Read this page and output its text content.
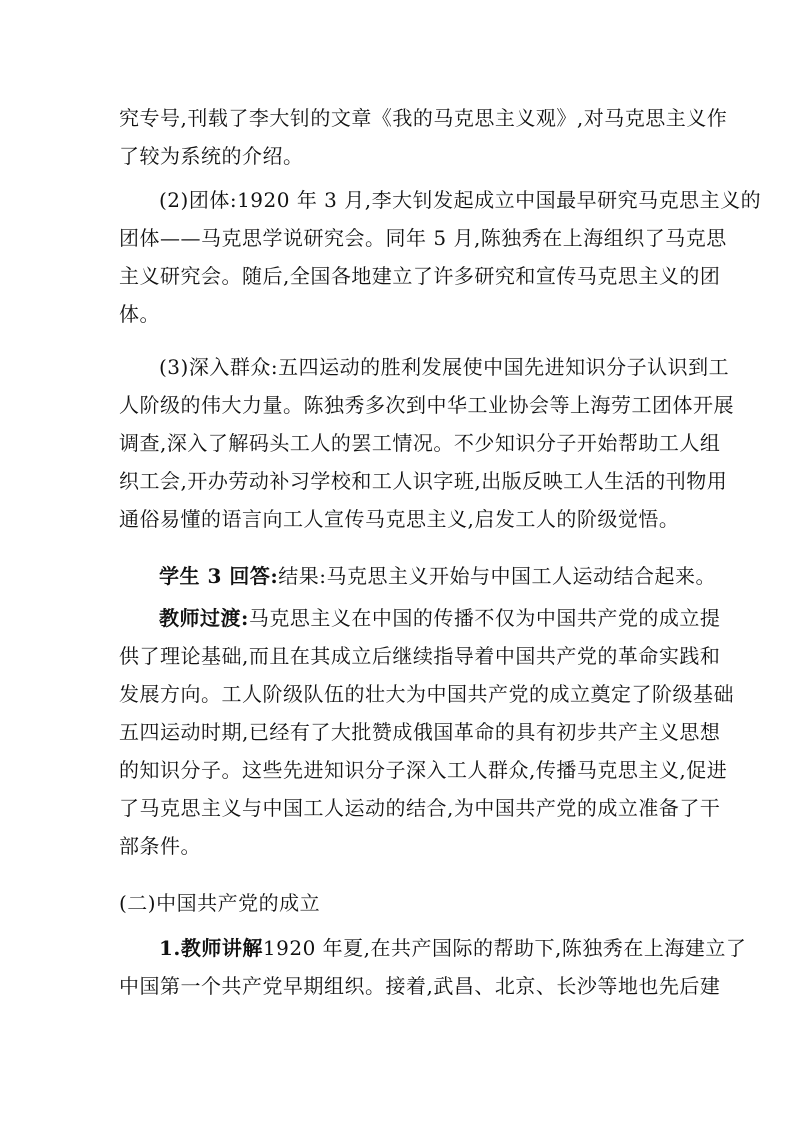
究专号,刊载了李大钊的文章《我的马克思主义观》,对马克思主义作
了较为系统的介绍。
(2)团体:1920 年 3 月,李大钊发起成立中国最早研究马克思主义的
团体——马克思学说研究会。同年 5 月,陈独秀在上海组织了马克思
主义研究会。随后,全国各地建立了许多研究和宣传马克思主义的团
体。
(3)深入群众:五四运动的胜利发展使中国先进知识分子认识到工
人阶级的伟大力量。陈独秀多次到中华工业协会等上海劳工团体开展
调查,深入了解码头工人的罢工情况。不少知识分子开始帮助工人组
织工会,开办劳动补习学校和工人识字班,出版反映工人生活的刊物用
通俗易懂的语言向工人宣传马克思主义,启发工人的阶级觉悟。
学生 3 回答:结果:马克思主义开始与中国工人运动结合起来。
教师过渡:马克思主义在中国的传播不仅为中国共产党的成立提
供了理论基础,而且在其成立后继续指导着中国共产党的革命实践和
发展方向。工人阶级队伍的壮大为中国共产党的成立奠定了阶级基础
五四运动时期,已经有了大批赞成俄国革命的具有初步共产主义思想
的知识分子。这些先进知识分子深入工人群众,传播马克思主义,促进
了马克思主义与中国工人运动的结合,为中国共产党的成立准备了干
部条件。
(二)中国共产党的成立
1.教师讲解1920 年夏,在共产国际的帮助下,陈独秀在上海建立了
中国第一个共产党早期组织。接着,武昌、北京、长沙等地也先后建
